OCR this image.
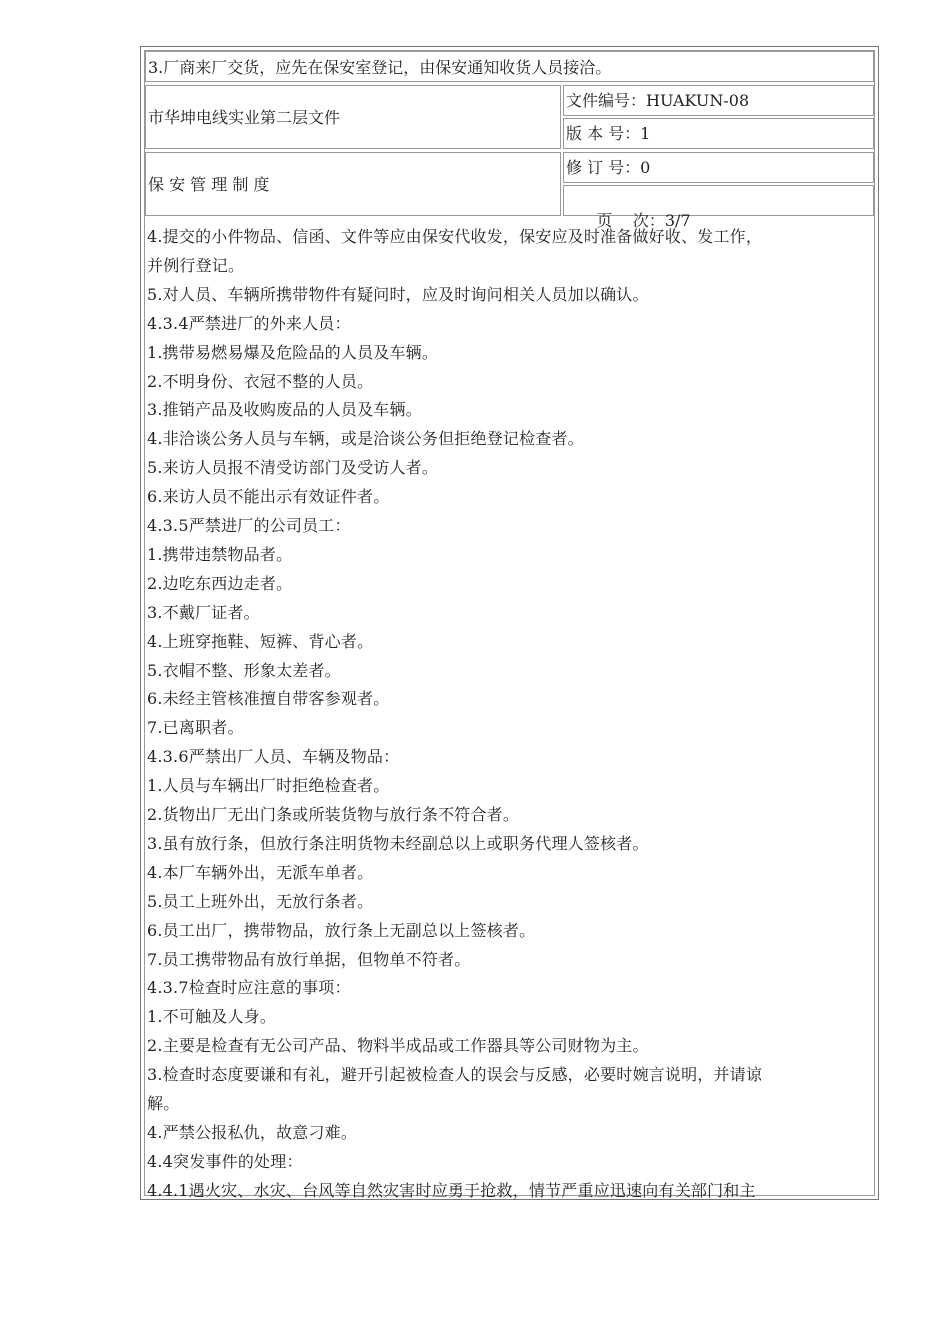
3.厂商来厂交货，应先在保安室登记，由保安通知收货人员接洽。
市华坤电线实业第二层文件
文件编号：HUAKUN-08
版 本 号：1
保 安 管 理 制 度
修 订 号：0

页    次：3/7

4.提交的小件物品、信函、文件等应由保安代收发，保安应及时准备做好收、发工作，
并例行登记。
5.对人员、车辆所携带物件有疑问时，应及时询问相关人员加以确认。
4.3.4严禁进厂的外来人员：
1.携带易燃易爆及危险品的人员及车辆。
2.不明身份、衣冠不整的人员。
3.推销产品及收购废品的人员及车辆。
4.非洽谈公务人员与车辆，或是洽谈公务但拒绝登记检查者。
5.来访人员报不清受访部门及受访人者。
6.来访人员不能出示有效证件者。
4.3.5严禁进厂的公司员工：
1.携带违禁物品者。
2.边吃东西边走者。
3.不戴厂证者。
4.上班穿拖鞋、短裤、背心者。
5.衣帽不整、形象太差者。
6.未经主管核准擅自带客参观者。
7.已离职者。
4.3.6严禁出厂人员、车辆及物品：
1.人员与车辆出厂时拒绝检查者。
2.货物出厂无出门条或所装货物与放行条不符合者。
3.虽有放行条，但放行条注明货物未经副总以上或职务代理人签核者。
4.本厂车辆外出，无派车单者。
5.员工上班外出，无放行条者。
6.员工出厂，携带物品，放行条上无副总以上签核者。
7.员工携带物品有放行单据，但物单不符者。
4.3.7检查时应注意的事项：
1.不可触及人身。
2.主要是检查有无公司产品、物料半成品或工作器具等公司财物为主。
3.检查时态度要谦和有礼，避开引起被检查人的误会与反感，必要时婉言说明，并请谅
解。
4.严禁公报私仇，故意刁难。
4.4突发事件的处理：
4.4.1遇火灾、水灾、台风等自然灾害时应勇于抢救，情节严重应迅速向有关部门和主
